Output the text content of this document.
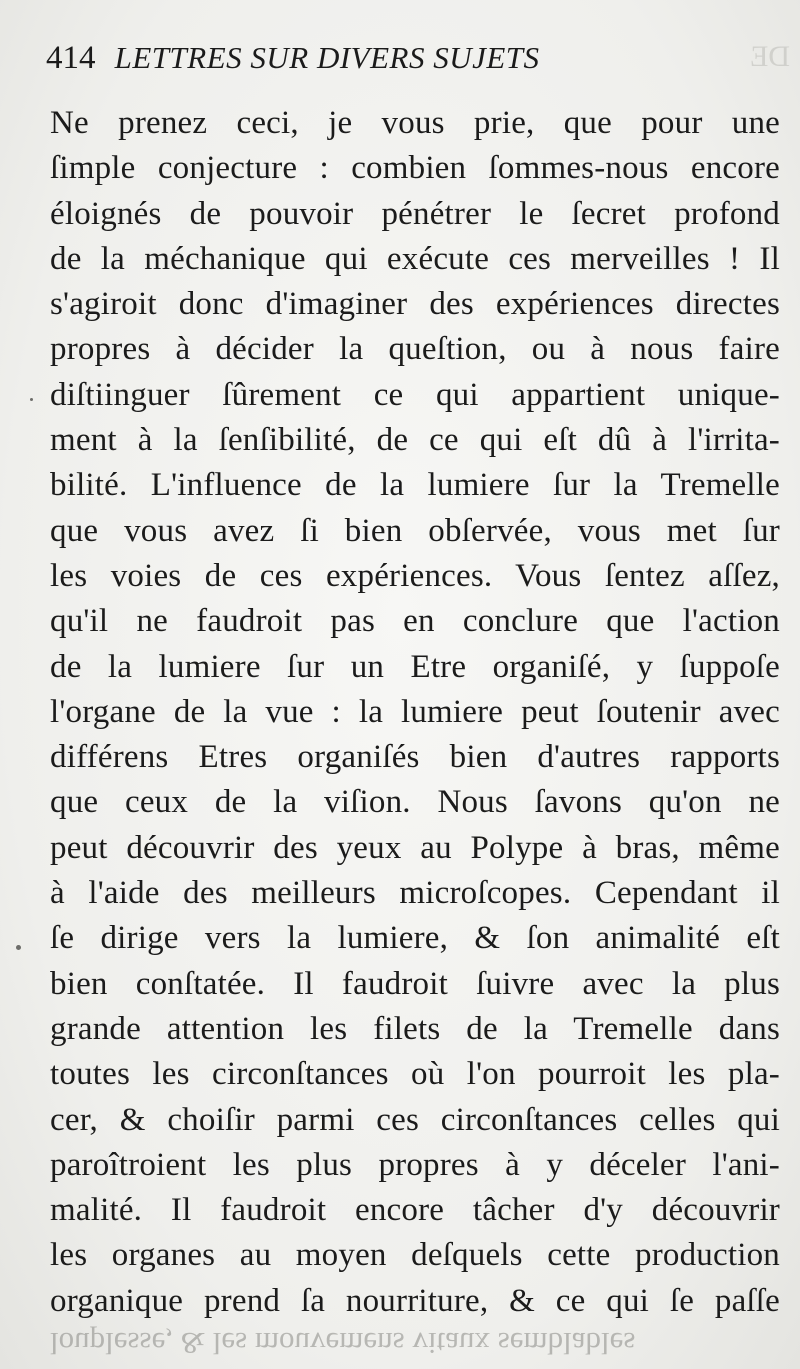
DE
414 LETTRES SUR DIVERS SUJETS
Ne prenez ceci, je vous prie, que pour une
ſimple conjecture : combien ſommes-nous encore
éloignés de pouvoir pénétrer le ſecret profond
de la méchanique qui exécute ces merveilles ! Il
s'agiroit donc d'imaginer des expériences directes
propres à décider la queſtion, ou à nous faire
diſtiinguer ſûrement ce qui appartient unique-
ment à la ſenſibilité, de ce qui eſt dû à l'irrita-
bilité. L'influence de la lumiere ſur la Tremelle
que vous avez ſi bien obſervée, vous met ſur
les voies de ces expériences. Vous ſentez aſſez,
qu'il ne faudroit pas en conclure que l'action
de la lumiere ſur un Etre organiſé, y ſuppoſe
l'organe de la vue : la lumiere peut ſoutenir avec
différens Etres organiſés bien d'autres rapports
que ceux de la viſion. Nous ſavons qu'on ne
peut découvrir des yeux au Polype à bras, même
à l'aide des meilleurs microſcopes. Cependant il
ſe dirige vers la lumiere, & ſon animalité eſt
bien conſtatée. Il faudroit ſuivre avec la plus
grande attention les filets de la Tremelle dans
toutes les circonſtances où l'on pourroit les pla-
cer, & choiſir parmi ces circonſtances celles qui
paroîtroient les plus propres à y déceler l'ani-
malité. Il faudroit encore tâcher d'y découvrir
les organes au moyen deſquels cette production
organique prend ſa nourriture, & ce qui ſe paſſe
louplesse, & les mouvemens vitaux semblables
